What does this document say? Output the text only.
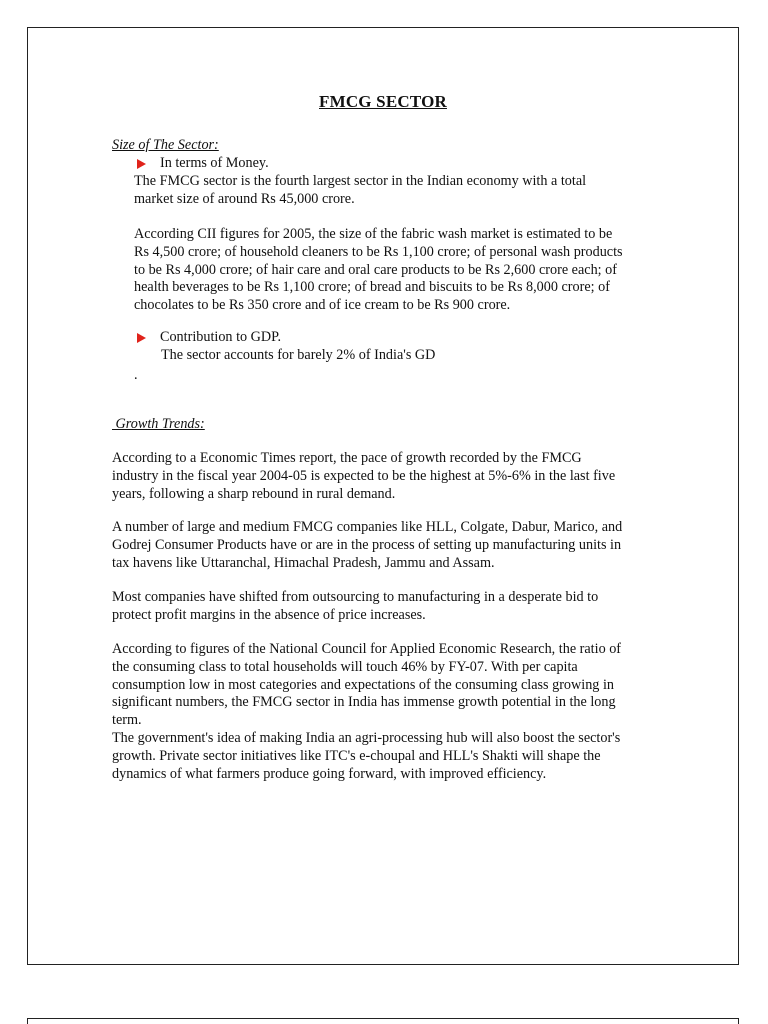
FMCG SECTOR
Size of The Sector:
In terms of Money.
The FMCG sector is the fourth largest sector in the Indian economy with a total
market size of around Rs 45,000 crore.
According CII figures for 2005, the size of the fabric wash market is estimated to be
Rs 4,500 crore; of household cleaners to be Rs 1,100 crore; of personal wash products
to be Rs 4,000 crore; of hair care and oral care products to be Rs 2,600 crore each; of
health beverages to be Rs 1,100 crore; of bread and biscuits to be Rs 8,000 crore; of
chocolates to be Rs 350 crore and of ice cream to be Rs 900 crore.
Contribution to GDP.
The sector accounts for barely 2% of India's GD
.
Growth Trends:
According to a Economic Times report, the pace of growth recorded by the FMCG
industry in the fiscal year 2004-05 is expected to be the highest at 5%-6% in the last five
years, following a sharp rebound in rural demand.
A number of large and medium FMCG companies like HLL, Colgate, Dabur, Marico, and
Godrej Consumer Products have or are in the process of setting up manufacturing units in
tax havens like Uttaranchal, Himachal Pradesh, Jammu and Assam.
Most companies have shifted from outsourcing to manufacturing in a desperate bid to
protect profit margins in the absence of price increases.
According to figures of the National Council for Applied Economic Research, the ratio of
the consuming class to total households will touch 46% by FY-07. With per capita
consumption low in most categories and expectations of the consuming class growing in
significant numbers, the FMCG sector in India has immense growth potential in the long
term.
The government's idea of making India an agri-processing hub will also boost the sector's
growth. Private sector initiatives like ITC's e-choupal and HLL's Shakti will shape the
dynamics of what farmers produce going forward, with improved efficiency.
